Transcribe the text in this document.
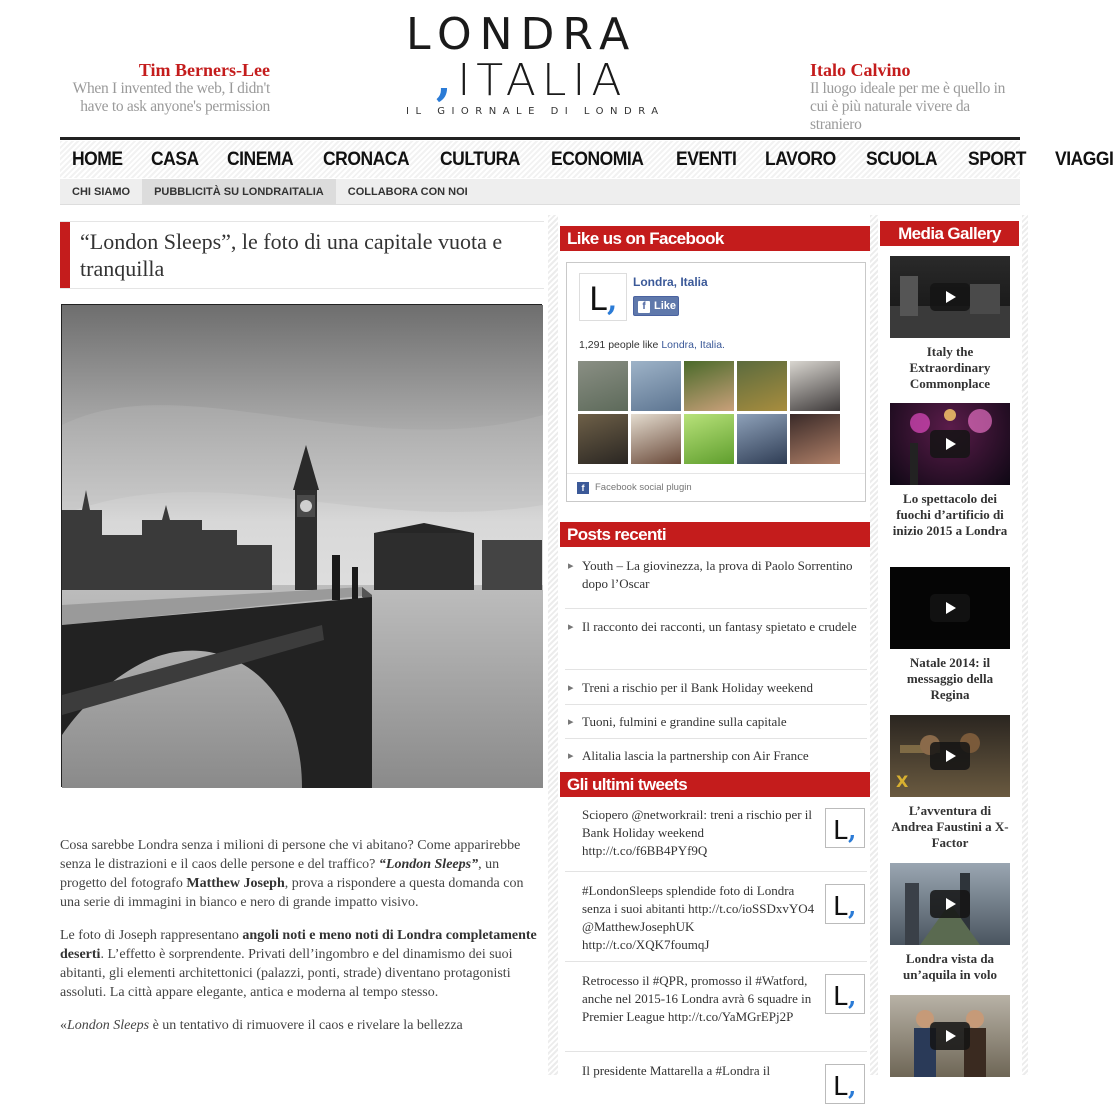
Tim Berners-Lee
When I invented the web, I didn't have to ask anyone's permission
LONDRA
,ITALIA
IL GIORNALE DI LONDRA
Italo Calvino
Il luogo ideale per me è quello in cui è più naturale vivere da straniero
HOME CASA CINEMA CRONACA CULTURA ECONOMIA EVENTI LAVORO SCUOLA SPORT VIAGGI
CHI SIAMO	PUBBLICITÀ SU LONDRAITALIA	COLLABORA CON NOI
“London Sleeps”, le foto di una capitale vuota e tranquilla

Cosa sarebbe Londra senza i milioni di persone che vi abitano? Come apparirebbe senza le distrazioni e il caos delle persone e del traffico? “London Sleeps”, un progetto del fotografo Matthew Joseph, prova a rispondere a questa domanda con una serie di immagini in bianco e nero di grande impatto visivo.

Le foto di Joseph rappresentano angoli noti e meno noti di Londra completamente deserti. L’effetto è sorprendente. Privati dell’ingombro e del dinamismo dei suoi abitanti, gli elementi architettonici (palazzi, ponti, strade) diventano protagonisti assoluti. La città appare elegante, antica e moderna al tempo stesso.

«London Sleeps è un tentativo di rimuovere il caos e rivelare la bellezza

Like us on Facebook
L ,
Londra, Italia
f Like
1,291 people like Londra, Italia.
f	Facebook social plugin
Posts recenti
▸ Youth – La giovinezza, la prova di Paolo Sorrentino dopo l’Oscar
▸ Il racconto dei racconti, un fantasy spietato e crudele
▸ Treni a rischio per il Bank Holiday weekend
▸ Tuoni, fulmini e grandine sulla capitale
▸ Alitalia lascia la partnership con Air France
Gli ultimi tweets
Sciopero @networkrail: treni a rischio per il Bank Holiday weekend http://t.co/f6BB4PYf9Q
L ,
#LondonSleeps splendide foto di Londra senza i suoi abitanti http://t.co/ioSSDxvYO4 @MatthewJosephUK http://t.co/XQK7foumqJ
L ,
Retrocesso il #QPR, promosso il #Watford, anche nel 2015-16 Londra avrà 6 squadre in Premier League http://t.co/YaMGrEPj2P
L ,
Il presidente Mattarella a #Londra il
L ,
Media Gallery
Italy the Extraordinary Commonplace
Lo spettacolo dei fuochi d’artificio di inizio 2015 a Londra
Natale 2014: il messaggio della Regina
X
L’avventura di Andrea Faustini a X-Factor
Londra vista da un’aquila in volo
